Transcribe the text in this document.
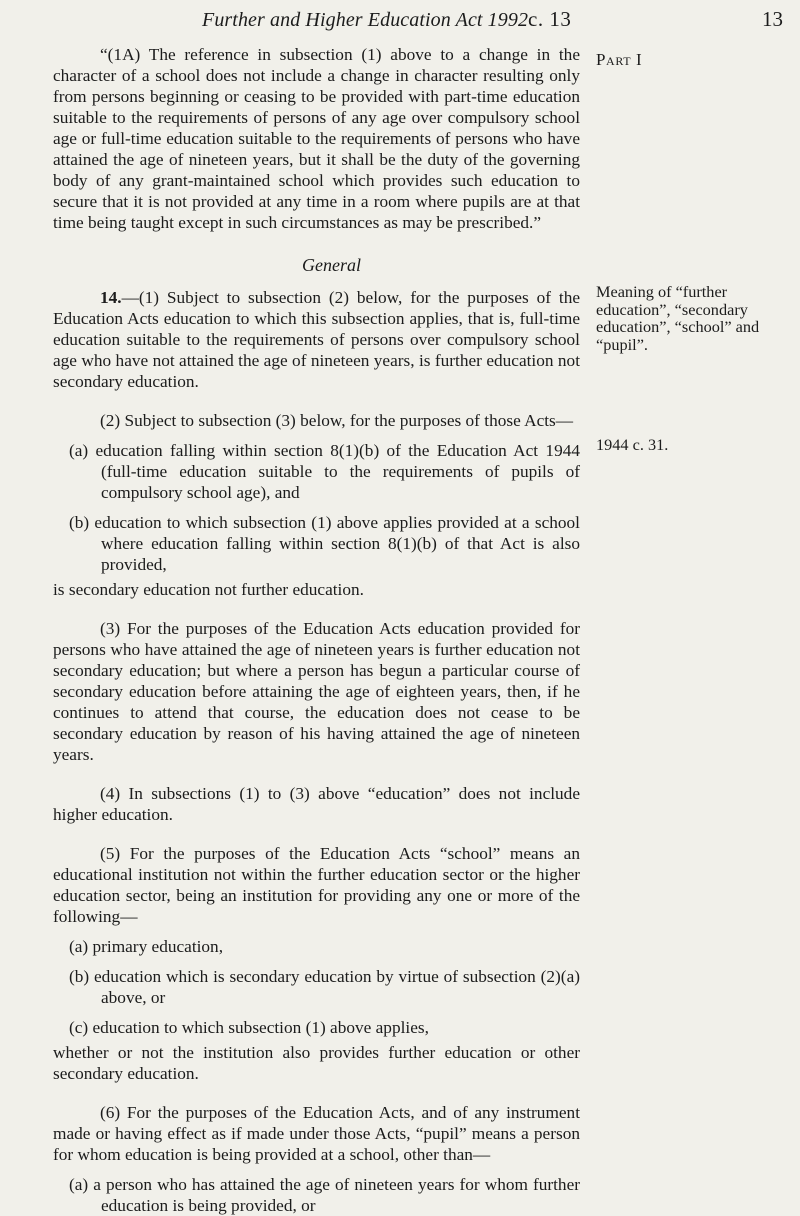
Further and Higher Education Act 1992 c. 13	13

“(1A) The reference in subsection (1) above to a change in the character of a school does not include a change in character resulting only from persons beginning or ceasing to be provided with part-time education suitable to the requirements of persons of any age over compulsory school age or full-time education suitable to the requirements of persons who have attained the age of nineteen years, but it shall be the duty of the governing body of any grant-maintained school which provides such education to secure that it is not provided at any time in a room where pupils are at that time being taught except in such circumstances as may be prescribed.”

General

14.—(1) Subject to subsection (2) below, for the purposes of the Education Acts education to which this subsection applies, that is, full-time education suitable to the requirements of persons over compulsory school age who have not attained the age of nineteen years, is further education not secondary education.

(2) Subject to subsection (3) below, for the purposes of those Acts—

(a) education falling within section 8(1)(b) of the Education Act 1944 (full-time education suitable to the requirements of pupils of compulsory school age), and

(b) education to which subsection (1) above applies provided at a school where education falling within section 8(1)(b) of that Act is also provided,

is secondary education not further education.

(3) For the purposes of the Education Acts education provided for persons who have attained the age of nineteen years is further education not secondary education; but where a person has begun a particular course of secondary education before attaining the age of eighteen years, then, if he continues to attend that course, the education does not cease to be secondary education by reason of his having attained the age of nineteen years.

(4) In subsections (1) to (3) above “education” does not include higher education.

(5) For the purposes of the Education Acts “school” means an educational institution not within the further education sector or the higher education sector, being an institution for providing any one or more of the following—

(a) primary education,

(b) education which is secondary education by virtue of subsection (2)(a) above, or

(c) education to which subsection (1) above applies,

whether or not the institution also provides further education or other secondary education.

(6) For the purposes of the Education Acts, and of any instrument made or having effect as if made under those Acts, “pupil” means a person for whom education is being provided at a school, other than—

(a) a person who has attained the age of nineteen years for whom further education is being provided, or

Part I
Meaning of “further education”, “secondary education”, “school” and “pupil”.
1944 c. 31.
